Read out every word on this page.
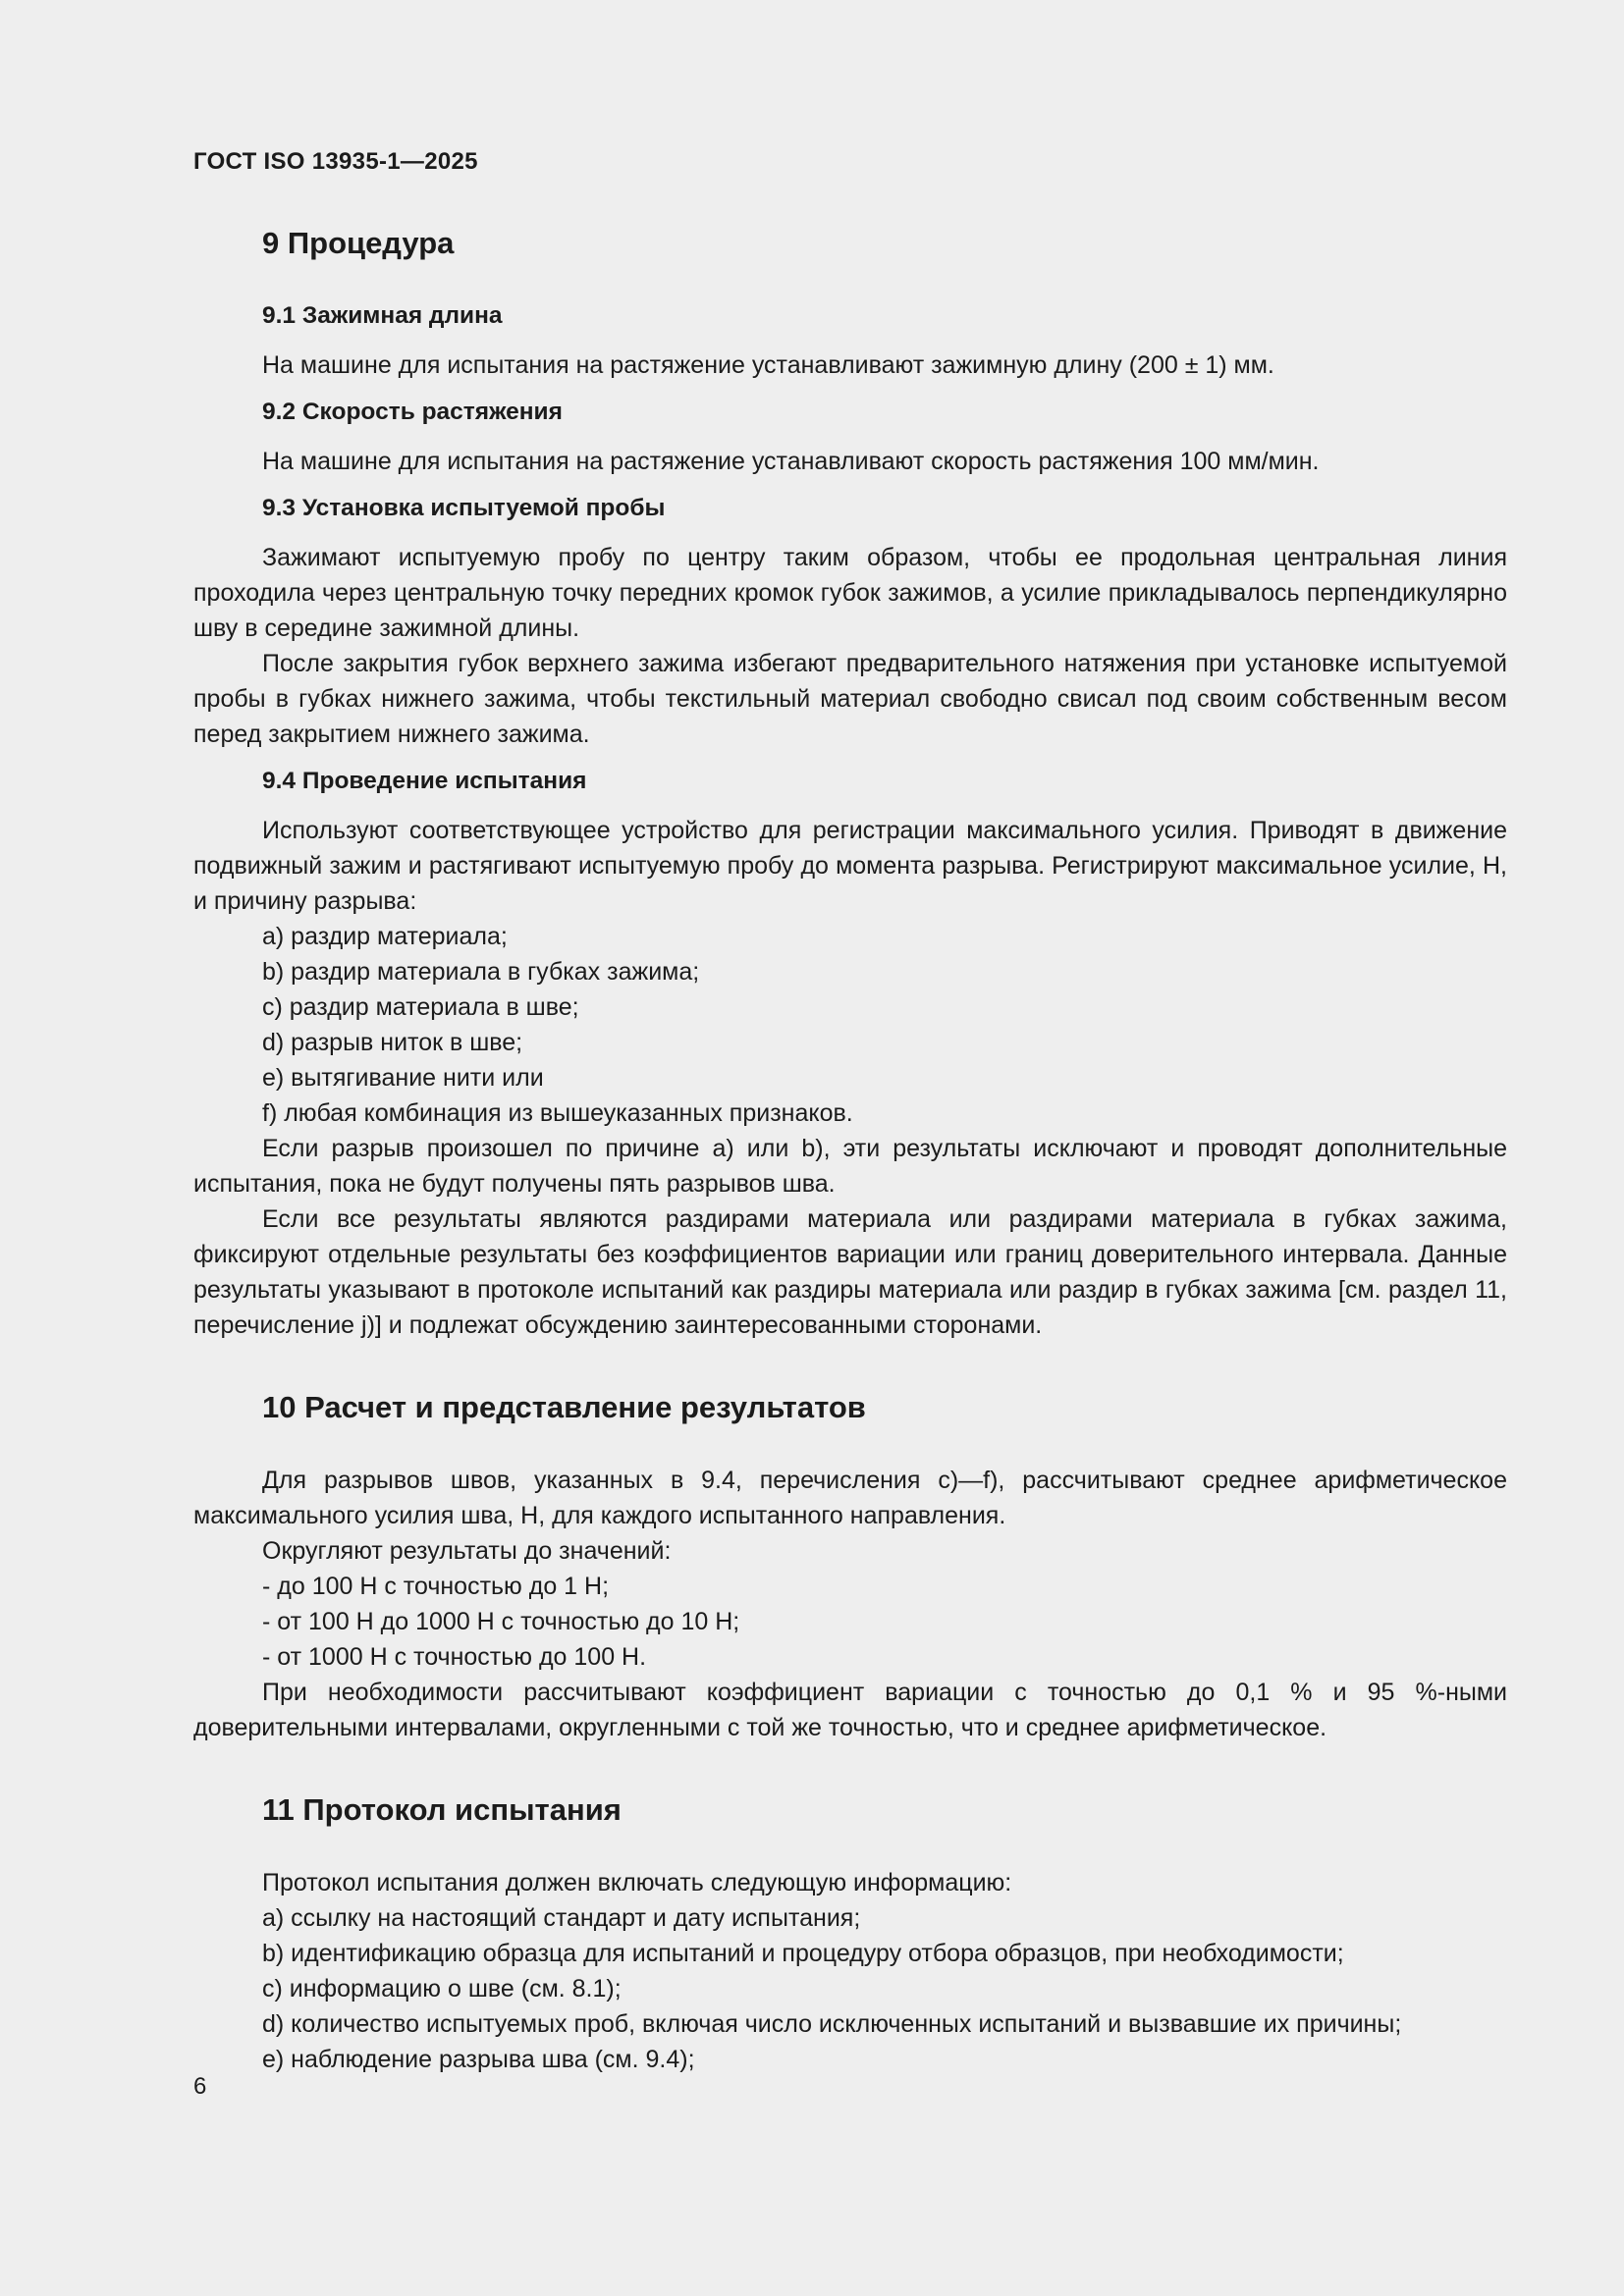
ГОСТ ISO 13935-1—2025
9 Процедура
9.1 Зажимная длина

На машине для испытания на растяжение устанавливают зажимную длину (200 ± 1) мм.

9.2 Скорость растяжения

На машине для испытания на растяжение устанавливают скорость растяжения 100 мм/мин.

9.3 Установка испытуемой пробы

Зажимают испытуемую пробу по центру таким образом, чтобы ее продольная центральная линия проходила через центральную точку передних кромок губок зажимов, а усилие прикладывалось перпендикулярно шву в середине зажимной длины.

После закрытия губок верхнего зажима избегают предварительного натяжения при установке испытуемой пробы в губках нижнего зажима, чтобы текстильный материал свободно свисал под своим собственным весом перед закрытием нижнего зажима.

9.4 Проведение испытания

Используют соответствующее устройство для регистрации максимального усилия. Приводят в движение подвижный зажим и растягивают испытуемую пробу до момента разрыва. Регистрируют максимальное усилие, Н, и причину разрыва:

a) раздир материала;
b) раздир материала в губках зажима;
c) раздир материала в шве;
d) разрыв ниток в шве;
e) вытягивание нити или
f) любая комбинация из вышеуказанных признаков.

Если разрыв произошел по причине a) или b), эти результаты исключают и проводят дополнительные испытания, пока не будут получены пять разрывов шва.

Если все результаты являются раздирами материала или раздирами материала в губках зажима, фиксируют отдельные результаты без коэффициентов вариации или границ доверительного интервала. Данные результаты указывают в протоколе испытаний как раздиры материала или раздир в губках зажима [см. раздел 11, перечисление j)] и подлежат обсуждению заинтересованными сторонами.

10 Расчет и представление результатов

Для разрывов швов, указанных в 9.4, перечисления c)—f), рассчитывают среднее арифметическое максимального усилия шва, Н, для каждого испытанного направления.

Округляют результаты до значений:

- до 100 Н с точностью до 1 Н;
- от 100 Н до 1000 Н с точностью до 10 Н;
- от 1000 Н с точностью до 100 Н.

При необходимости рассчитывают коэффициент вариации с точностью до 0,1 % и 95 %-ными доверительными интервалами, округленными с той же точностью, что и среднее арифметическое.

11 Протокол испытания

Протокол испытания должен включать следующую информацию:

a) ссылку на настоящий стандарт и дату испытания;
b) идентификацию образца для испытаний и процедуру отбора образцов, при необходимости;
c) информацию о шве (см. 8.1);
d) количество испытуемых проб, включая число исключенных испытаний и вызвавшие их причины;
e) наблюдение разрыва шва (см. 9.4);
6
